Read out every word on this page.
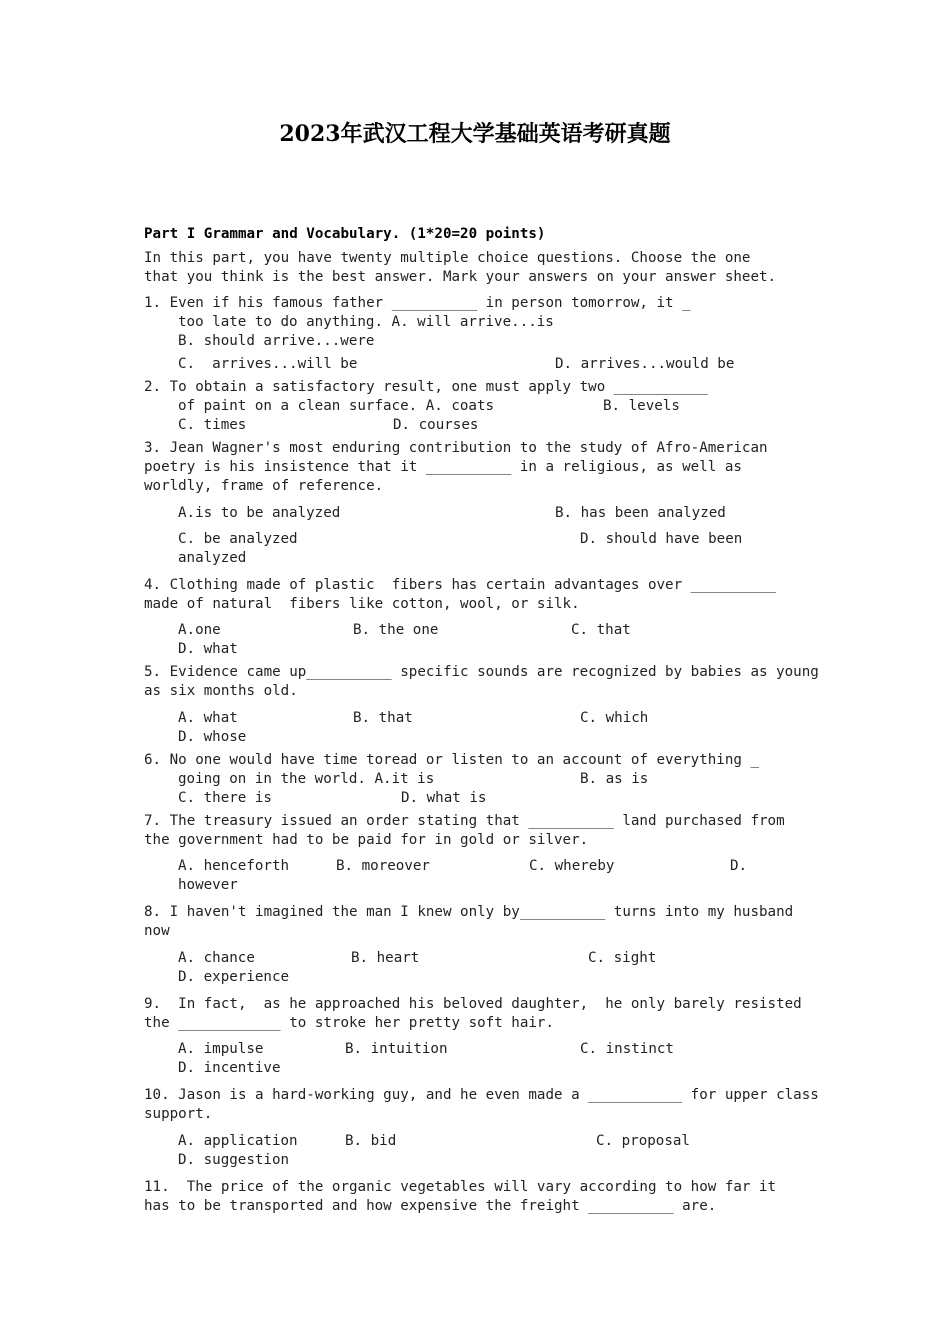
2023年武汉工程大学基础英语考研真题
Part I Grammar and Vocabulary. (1*20=20 points)
In this part, you have twenty multiple choice questions. Choose the one
that you think is the best answer. Mark your answers on your answer sheet.
1. Even if his famous father __________ in person tomorrow, it _
too late to do anything. A. will arrive...is
B. should arrive...were
C.  arrives...will be	D. arrives...would be
2. To obtain a satisfactory result, one must apply two ___________
of paint on a clean surface. A. coats	B. levels
C. times	D. courses
3. Jean Wagner's most enduring contribution to the study of Afro-American
poetry is his insistence that it __________ in a religious, as well as
worldly, frame of reference.
A.is to be analyzed	B. has been analyzed
C. be analyzed	D. should have been
analyzed
4. Clothing made of plastic  fibers has certain advantages over __________
made of natural  fibers like cotton, wool, or silk.
A.one	B. the one	C. that
D. what
5. Evidence came up__________ specific sounds are recognized by babies as young
as six months old.
A. what	B. that	C. which
D. whose
6. No one would have time toread or listen to an account of everything _
going on in the world. A.it is	B. as is
C. there is	D. what is
7. The treasury issued an order stating that __________ land purchased from
the government had to be paid for in gold or silver.
A. henceforth	B. moreover	C. whereby	D.
however
8. I haven't imagined the man I knew only by__________ turns into my husband
now
A. chance	B. heart	C. sight
D. experience
9.  In fact,  as he approached his beloved daughter,  he only barely resisted
the ____________ to stroke her pretty soft hair.
A. impulse	B. intuition	C. instinct
D. incentive
10. Jason is a hard-working guy, and he even made a ___________ for upper class
support.
A. application	B. bid	C. proposal
D. suggestion
11.  The price of the organic vegetables will vary according to how far it
has to be transported and how expensive the freight __________ are.
